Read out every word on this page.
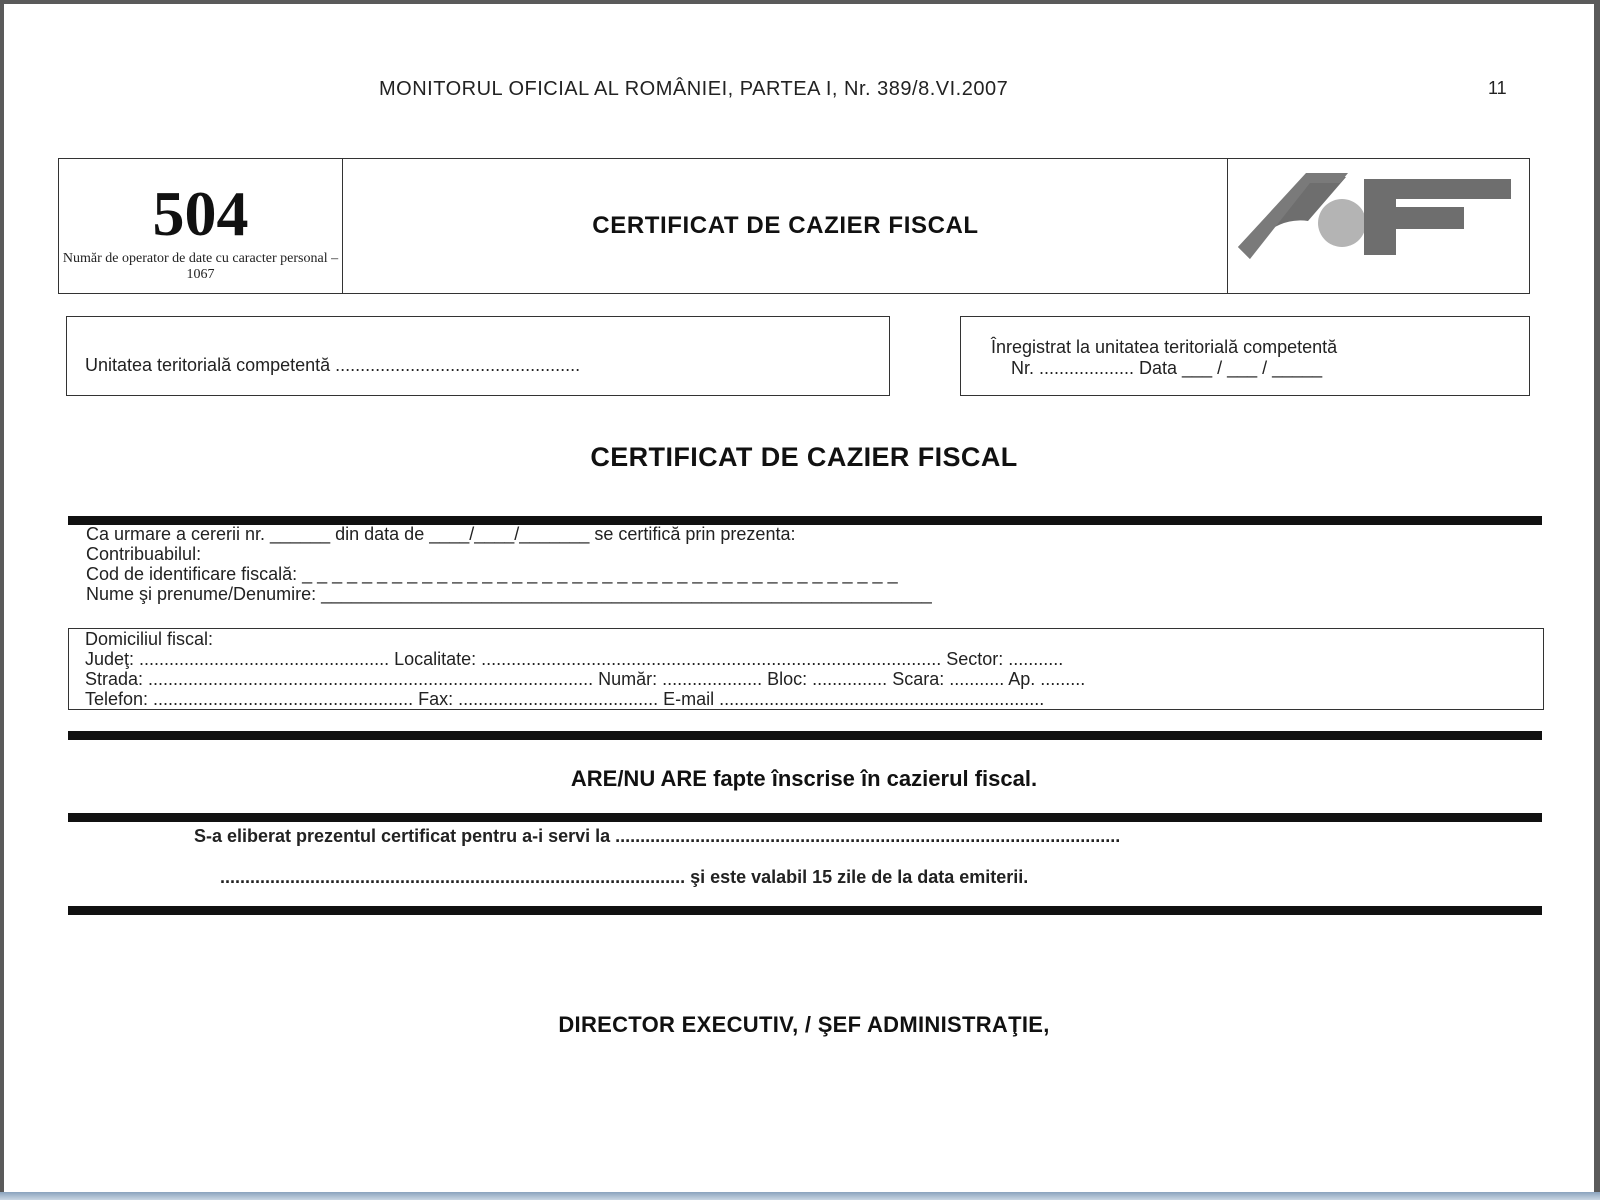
MONITORUL OFICIAL AL ROMÂNIEI, PARTEA I, Nr. 389/8.VI.2007	11
504
Număr de operator de date cu caracter personal – 1067
CERTIFICAT DE CAZIER FISCAL
Unitatea teritorială competentă .................................................
Înregistrat la unitatea teritorială competentă
Nr. ................... Data ___ / ___ / _____
CERTIFICAT DE CAZIER FISCAL
Ca urmare a cererii nr. ______ din data de ____/____/_______ se certifică prin prezenta:
Contribuabilul:
Cod de identificare fiscală: _ _ _ _ _ _ _ _ _ _ _ _ _ _ _ _ _ _ _ _ _ _ _ _ _ _ _ _ _ _ _ _ _ _ _ _ _ _ _ _
Nume şi prenume/Denumire: _____________________________________________________________
Domiciliul fiscal:
Judeţ: .................................................. Localitate: ............................................................................................ Sector: ...........
Strada: ......................................................................................... Număr: .................... Bloc: ............... Scara: ........... Ap. .........
Telefon: .................................................... Fax: ........................................ E-mail .................................................................
ARE/NU ARE fapte înscrise în cazierul fiscal.
S-a eliberat prezentul certificat pentru a-i servi la .....................................................................................................
............................................................................................. şi este valabil 15 zile de la data emiterii.
DIRECTOR EXECUTIV, / ŞEF ADMINISTRAŢIE,
